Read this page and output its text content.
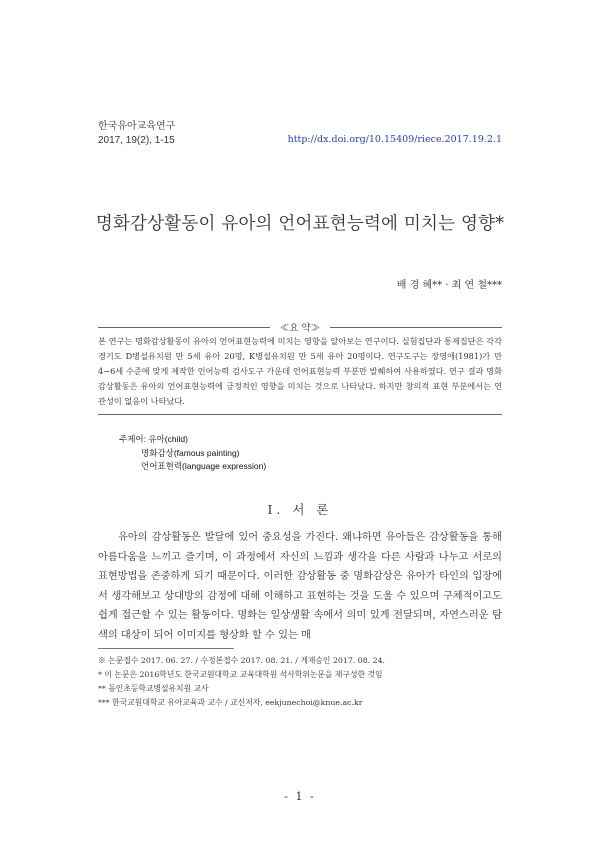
한국유아교육연구
2017, 19(2), 1-15	http://dx.doi.org/10.15409/riece.2017.19.2.1
명화감상활동이 유아의 언어표현능력에 미치는 영향*
배 경 혜** · 최 연 철***
≪요 약≫
본 연구는 명화감상활동이 유아의 언어표현능력에 미치는 영향을 알아보는 연구이다. 실험집단과 통제집단은 각각 경기도 D병설유치원 만 5세 유아 20명, K병설유치원 만 5세 유아 20명이다. 연구도구는 장영애(1981)가 만 4~6세 수준에 맞게 제작한 언어능력 검사도구 가운데 언어표현능력 부분만 발췌하여 사용하였다. 연구 결과 명화감상활동은 유아의 언어표현능력에 긍정적인 영향을 미치는 것으로 나타났다. 하지만 창의적 표현 부분에서는 연관성이 없음이 나타났다.
주제어: 유아(child)
명화감상(famous painting)
언어표현력(language expression)
Ⅰ. 서 론

유아의 감상활동은 발달에 있어 중요성을 가진다. 왜냐하면 유아들은 감상활동을 통해 아름다움을 느끼고 즐기며, 이 과정에서 자신의 느낌과 생각을 다른 사람과 나누고 서로의 표현방법을 존중하게 되기 때문이다. 이러한 감상활동 중 명화감상은 유아가 타인의 입장에서 생각해보고 상대방의 감정에 대해 이해하고 표현하는 것을 도울 수 있으며 구체적이고도 쉽게 접근할 수 있는 활동이다. 명화는 일상생활 속에서 의미 있게 전달되며, 자연스러운 탐색의 대상이 되어 이미지를 형상화 할 수 있는 매

※ 논문접수 2017. 06. 27. / 수정본접수 2017. 08. 21. / 게재승인 2017. 08. 24.
* 이 논문은 2016학년도 한국교원대학교 교육대학원 석사학위논문을 재구성한 것임
** 동인초등학교병설유치원 교사
*** 한국교원대학교 유아교육과 교수 / 교신저자, eekjunechoi@knue.ac.kr
- 1 -
